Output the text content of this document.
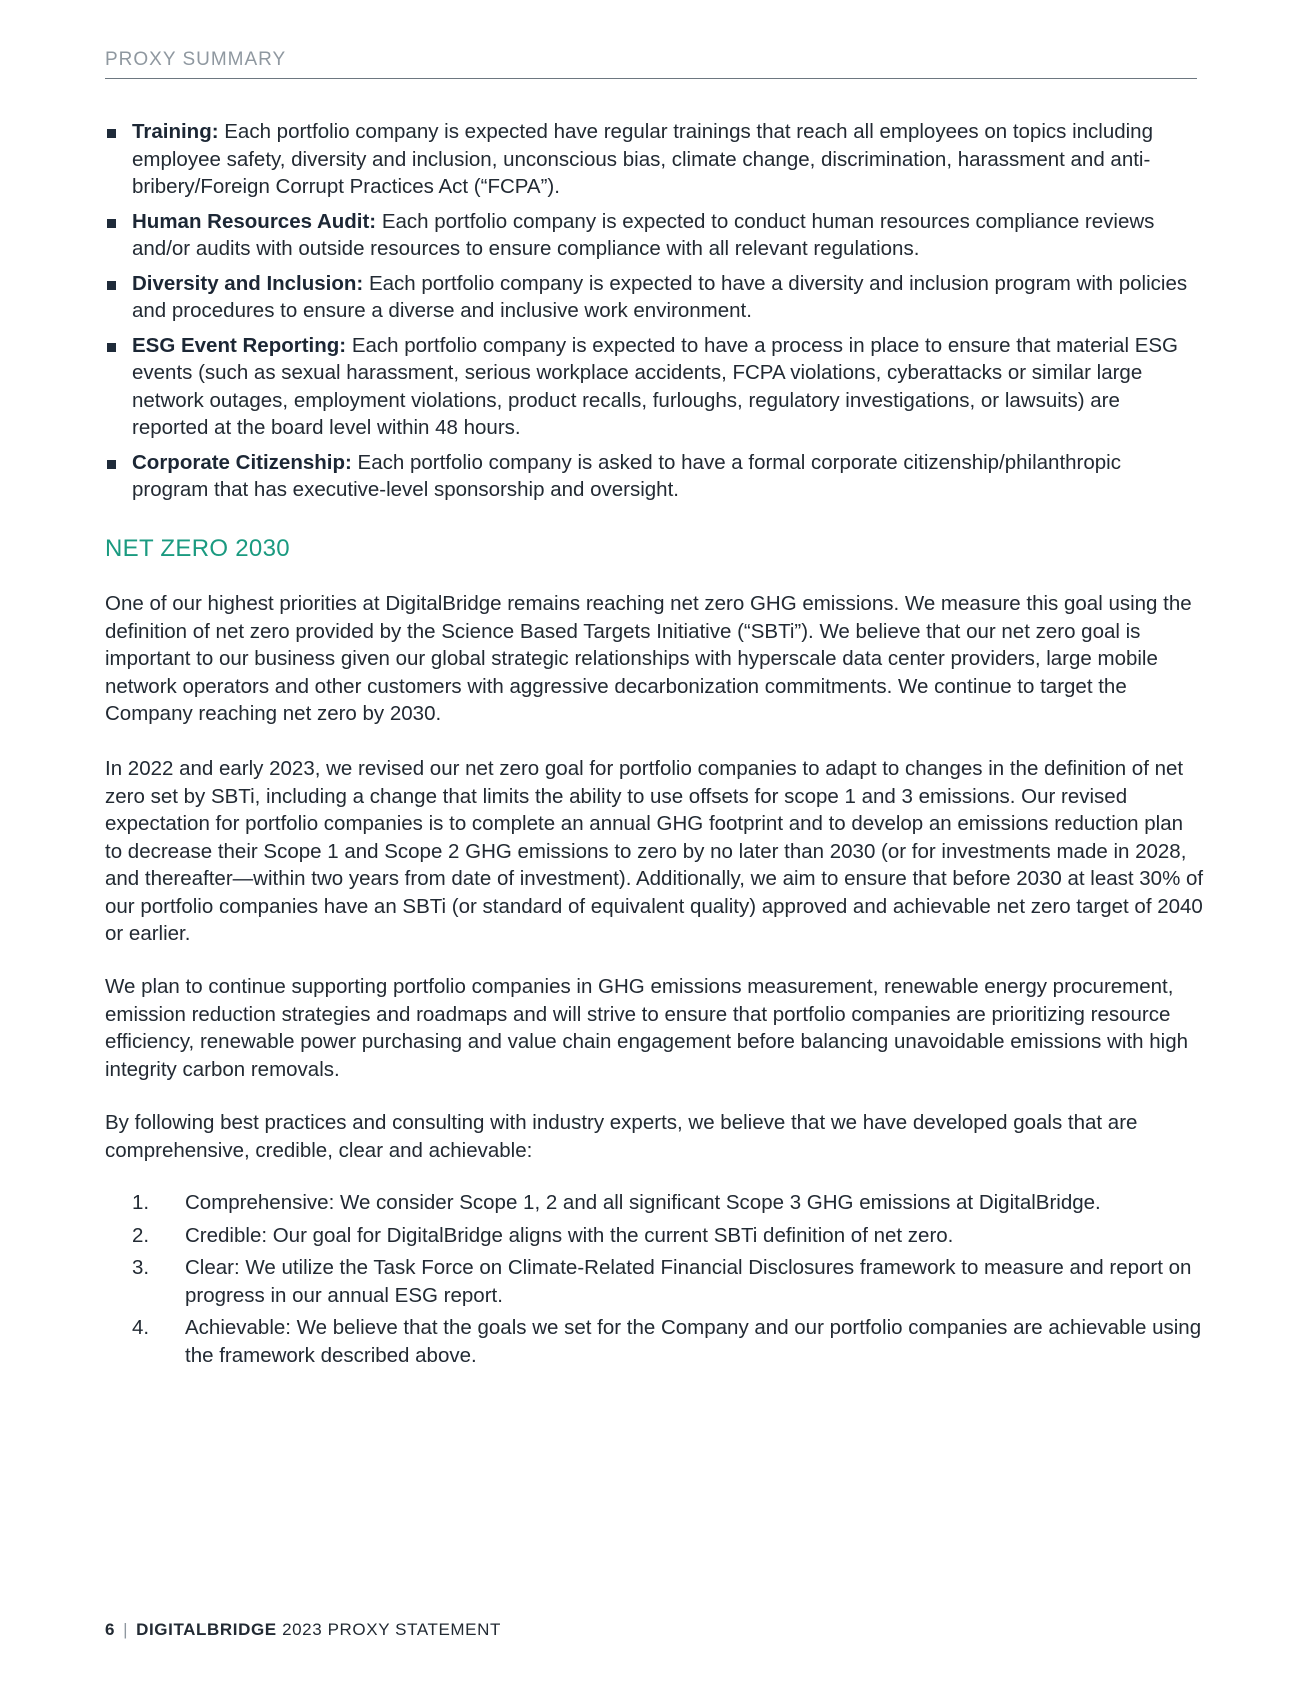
PROXY SUMMARY
Training: Each portfolio company is expected have regular trainings that reach all employees on topics including employee safety, diversity and inclusion, unconscious bias, climate change, discrimination, harassment and anti-bribery/Foreign Corrupt Practices Act (“FCPA”).
Human Resources Audit: Each portfolio company is expected to conduct human resources compliance reviews and/or audits with outside resources to ensure compliance with all relevant regulations.
Diversity and Inclusion: Each portfolio company is expected to have a diversity and inclusion program with policies and procedures to ensure a diverse and inclusive work environment.
ESG Event Reporting: Each portfolio company is expected to have a process in place to ensure that material ESG events (such as sexual harassment, serious workplace accidents, FCPA violations, cyberattacks or similar large network outages, employment violations, product recalls, furloughs, regulatory investigations, or lawsuits) are reported at the board level within 48 hours.
Corporate Citizenship: Each portfolio company is asked to have a formal corporate citizenship/philanthropic program that has executive-level sponsorship and oversight.
NET ZERO 2030

One of our highest priorities at DigitalBridge remains reaching net zero GHG emissions. We measure this goal using the definition of net zero provided by the Science Based Targets Initiative (“SBTi”). We believe that our net zero goal is important to our business given our global strategic relationships with hyperscale data center providers, large mobile network operators and other customers with aggressive decarbonization commitments. We continue to target the Company reaching net zero by 2030.

In 2022 and early 2023, we revised our net zero goal for portfolio companies to adapt to changes in the definition of net zero set by SBTi, including a change that limits the ability to use offsets for scope 1 and 3 emissions. Our revised expectation for portfolio companies is to complete an annual GHG footprint and to develop an emissions reduction plan to decrease their Scope 1 and Scope 2 GHG emissions to zero by no later than 2030 (or for investments made in 2028, and thereafter—within two years from date of investment). Additionally, we aim to ensure that before 2030 at least 30% of our portfolio companies have an SBTi (or standard of equivalent quality) approved and achievable net zero target of 2040 or earlier.

We plan to continue supporting portfolio companies in GHG emissions measurement, renewable energy procurement, emission reduction strategies and roadmaps and will strive to ensure that portfolio companies are prioritizing resource efficiency, renewable power purchasing and value chain engagement before balancing unavoidable emissions with high integrity carbon removals.

By following best practices and consulting with industry experts, we believe that we have developed goals that are comprehensive, credible, clear and achievable:

1. Comprehensive: We consider Scope 1, 2 and all significant Scope 3 GHG emissions at DigitalBridge.
2. Credible: Our goal for DigitalBridge aligns with the current SBTi definition of net zero.
3. Clear: We utilize the Task Force on Climate-Related Financial Disclosures framework to measure and report on progress in our annual ESG report.
4. Achievable: We believe that the goals we set for the Company and our portfolio companies are achievable using the framework described above.
6 | DIGITALBRIDGE 2023 PROXY STATEMENT
